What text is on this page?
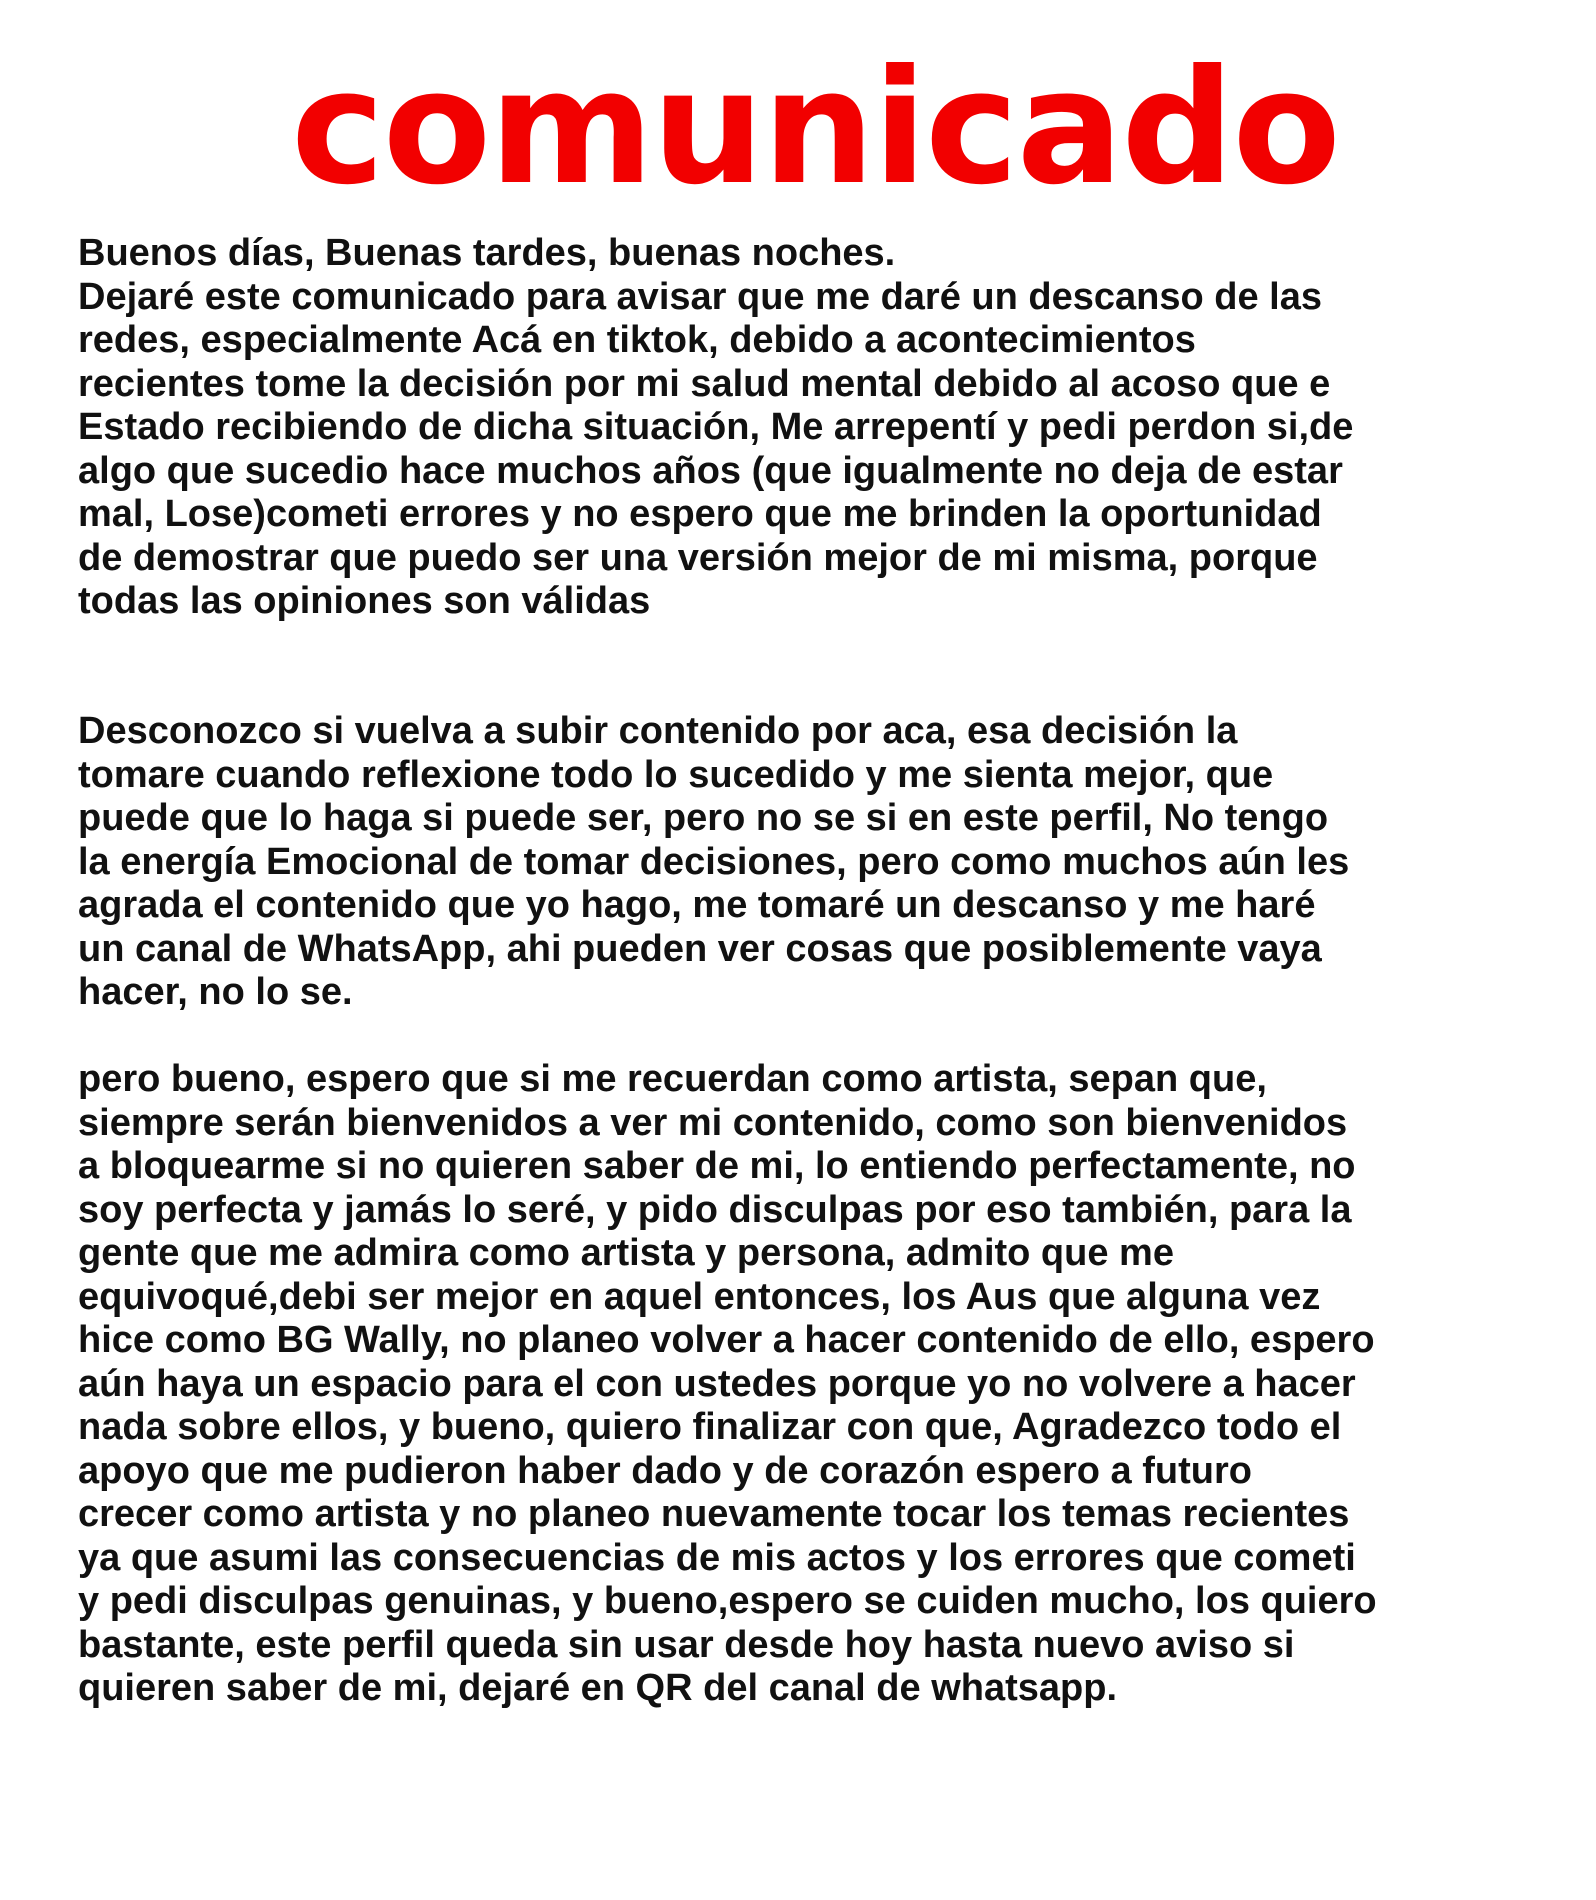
comunicado
Buenos días, Buenas tardes, buenas noches.
Dejaré este comunicado para avisar que me daré un descanso de las
redes, especialmente Acá en tiktok, debido a acontecimientos
recientes tome la decisión por mi salud mental debido al acoso que e
Estado recibiendo de dicha situación, Me arrepentí y pedi perdon si,de
algo que sucedio hace muchos años (que igualmente no deja de estar
mal, Lose)cometi errores y no espero que me brinden la oportunidad
de demostrar que puedo ser una versión mejor de mi misma, porque
todas las opiniones son válidas
Desconozco si vuelva a subir contenido por aca, esa decisión la
tomare cuando reflexione todo lo sucedido y me sienta mejor, que
puede que lo haga si puede ser, pero no se si en este perfil, No tengo
la energía Emocional de tomar decisiones, pero como muchos aún les
agrada el contenido que yo hago, me tomaré un descanso y me haré
un canal de WhatsApp, ahi pueden ver cosas que posiblemente vaya
hacer, no lo se.
pero bueno, espero que si me recuerdan como artista, sepan que,
siempre serán bienvenidos a ver mi contenido, como son bienvenidos
a bloquearme si no quieren saber de mi, lo entiendo perfectamente, no
soy perfecta y jamás lo seré, y pido disculpas por eso también, para la
gente que me admira como artista y persona, admito que me
equivoqué,debi ser mejor en aquel entonces, los Aus que alguna vez
hice como BG Wally, no planeo volver a hacer contenido de ello, espero
aún haya un espacio para el con ustedes porque yo no volvere a hacer
nada sobre ellos, y bueno, quiero finalizar con que, Agradezco todo el
apoyo que me pudieron haber dado y de corazón espero a futuro
crecer como artista y no planeo nuevamente tocar los temas recientes
ya que asumi las consecuencias de mis actos y los errores que cometi
y pedi disculpas genuinas, y bueno,espero se cuiden mucho, los quiero
bastante, este perfil queda sin usar desde hoy hasta nuevo aviso si
quieren saber de mi, dejaré en QR del canal de whatsapp.
